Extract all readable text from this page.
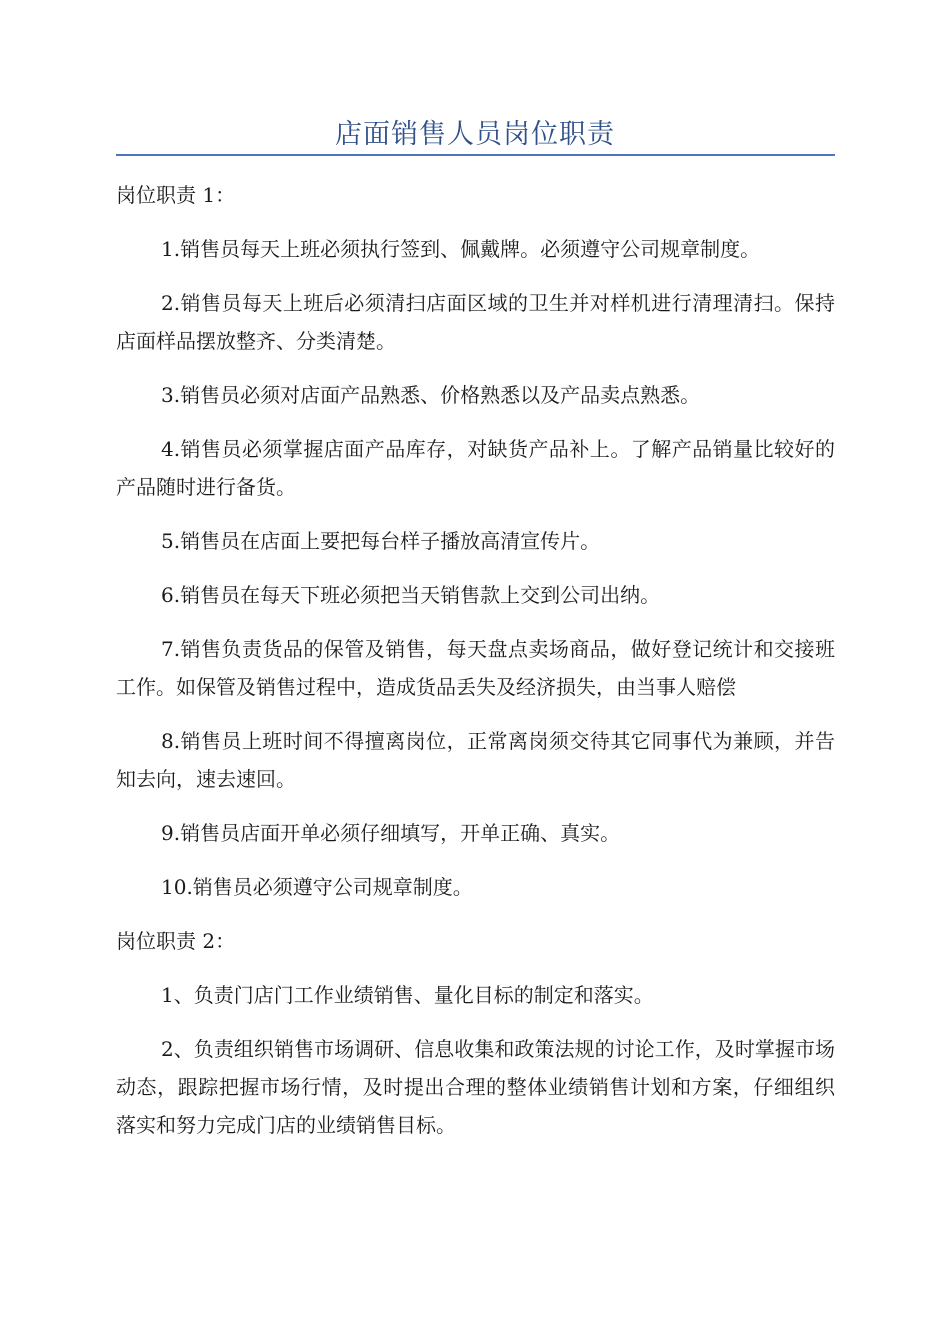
店面销售人员岗位职责
岗位职责 1：

1.销售员每天上班必须执行签到、佩戴牌。必须遵守公司规章制度。

2.销售员每天上班后必须清扫店面区域的卫生并对样机进行清理清扫。保持店面样品摆放整齐、分类清楚。

3.销售员必须对店面产品熟悉、价格熟悉以及产品卖点熟悉。

4.销售员必须掌握店面产品库存，对缺货产品补上。了解产品销量比较好的产品随时进行备货。

5.销售员在店面上要把每台样子播放高清宣传片。

6.销售员在每天下班必须把当天销售款上交到公司出纳。

7.销售负责货品的保管及销售，每天盘点卖场商品，做好登记统计和交接班工作。如保管及销售过程中，造成货品丢失及经济损失，由当事人赔偿

8.销售员上班时间不得擅离岗位，正常离岗须交待其它同事代为兼顾，并告知去向，速去速回。

9.销售员店面开单必须仔细填写，开单正确、真实。

10.销售员必须遵守公司规章制度。

岗位职责 2：

1、负责门店门工作业绩销售、量化目标的制定和落实。

2、负责组织销售市场调研、信息收集和政策法规的讨论工作，及时掌握市场动态，跟踪把握市场行情，及时提出合理的整体业绩销售计划和方案，仔细组织落实和努力完成门店的业绩销售目标。
